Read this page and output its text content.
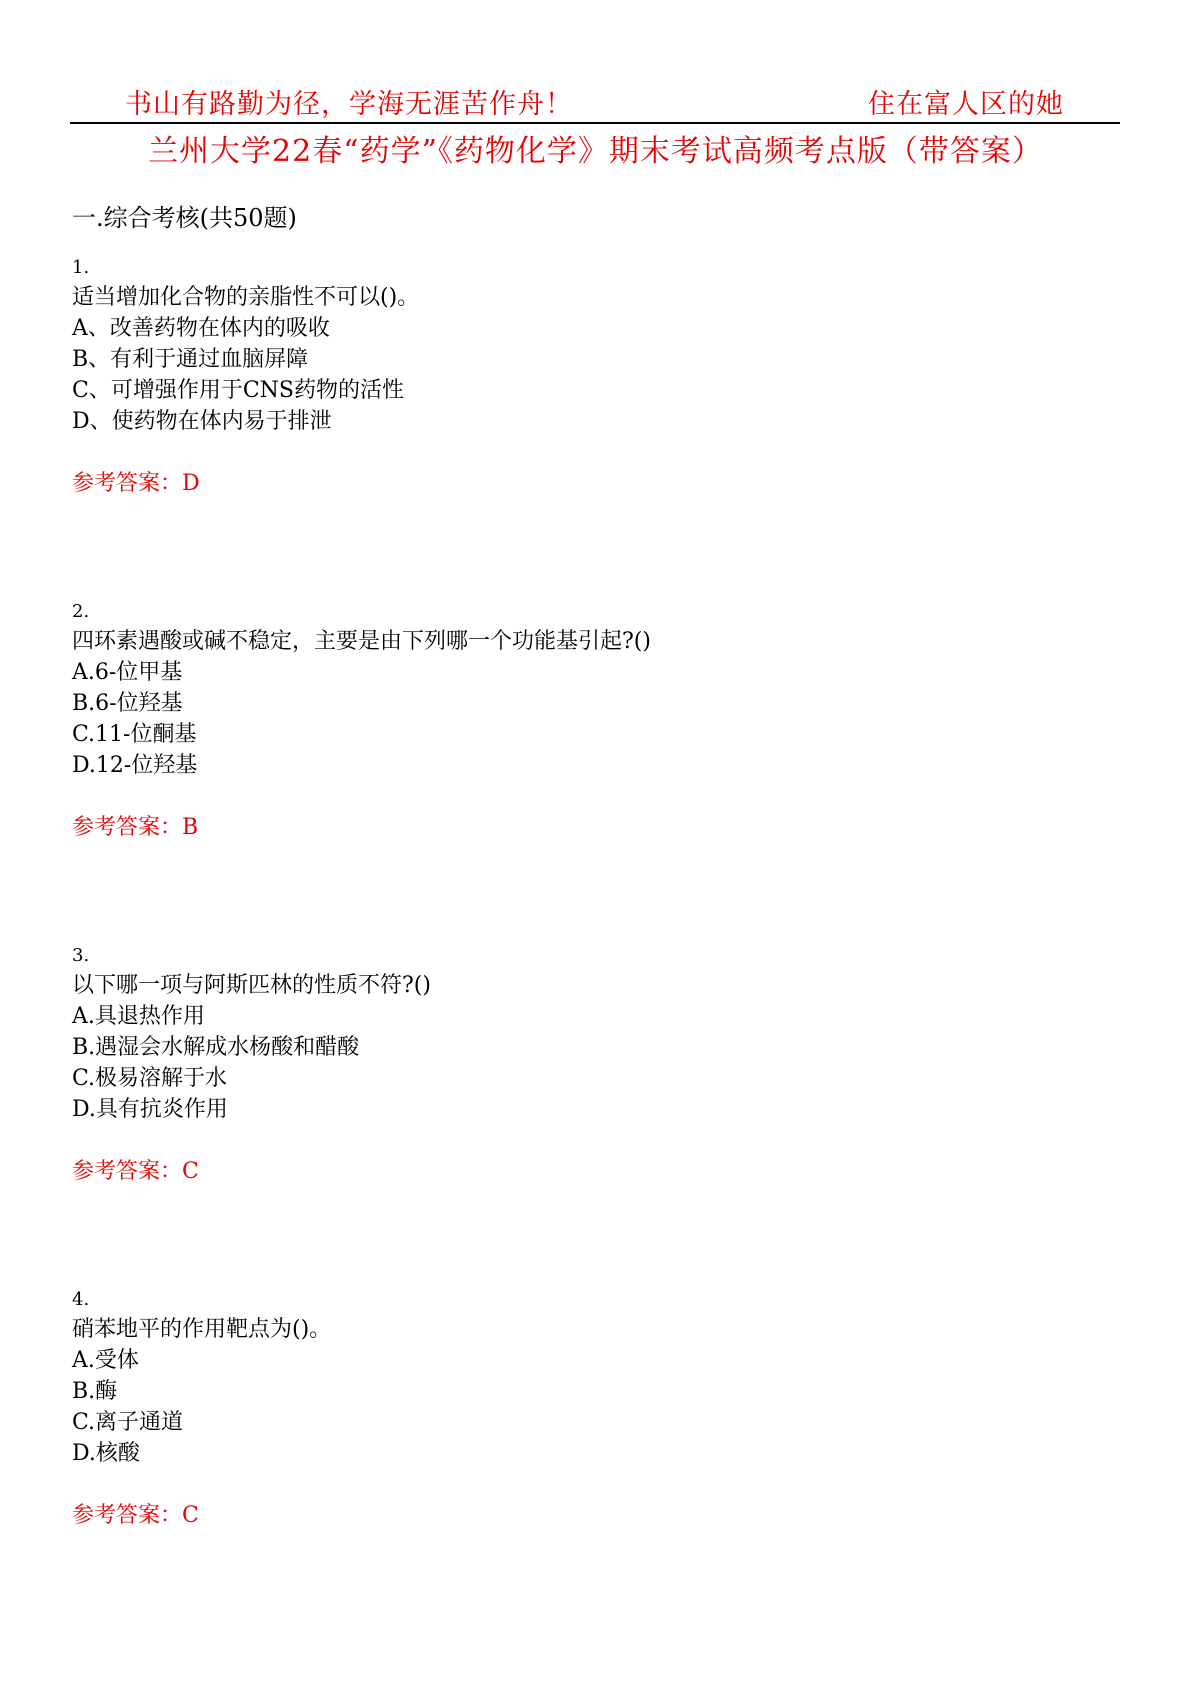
书山有路勤为径，学海无涯苦作舟！	住在富人区的她
兰州大学22春“药学”《药物化学》期末考试高频考点版（带答案）
一.综合考核(共50题)
1.
适当增加化合物的亲脂性不可以()。
A、改善药物在体内的吸收
B、有利于通过血脑屏障
C、可增强作用于CNS药物的活性
D、使药物在体内易于排泄
参考答案：D
2.
四环素遇酸或碱不稳定，主要是由下列哪一个功能基引起?()
A.6-位甲基
B.6-位羟基
C.11-位酮基
D.12-位羟基
参考答案：B
3.
以下哪一项与阿斯匹林的性质不符?()
A.具退热作用
B.遇湿会水解成水杨酸和醋酸
C.极易溶解于水
D.具有抗炎作用
参考答案：C
4.
硝苯地平的作用靶点为()。
A.受体
B.酶
C.离子通道
D.核酸
参考答案：C
